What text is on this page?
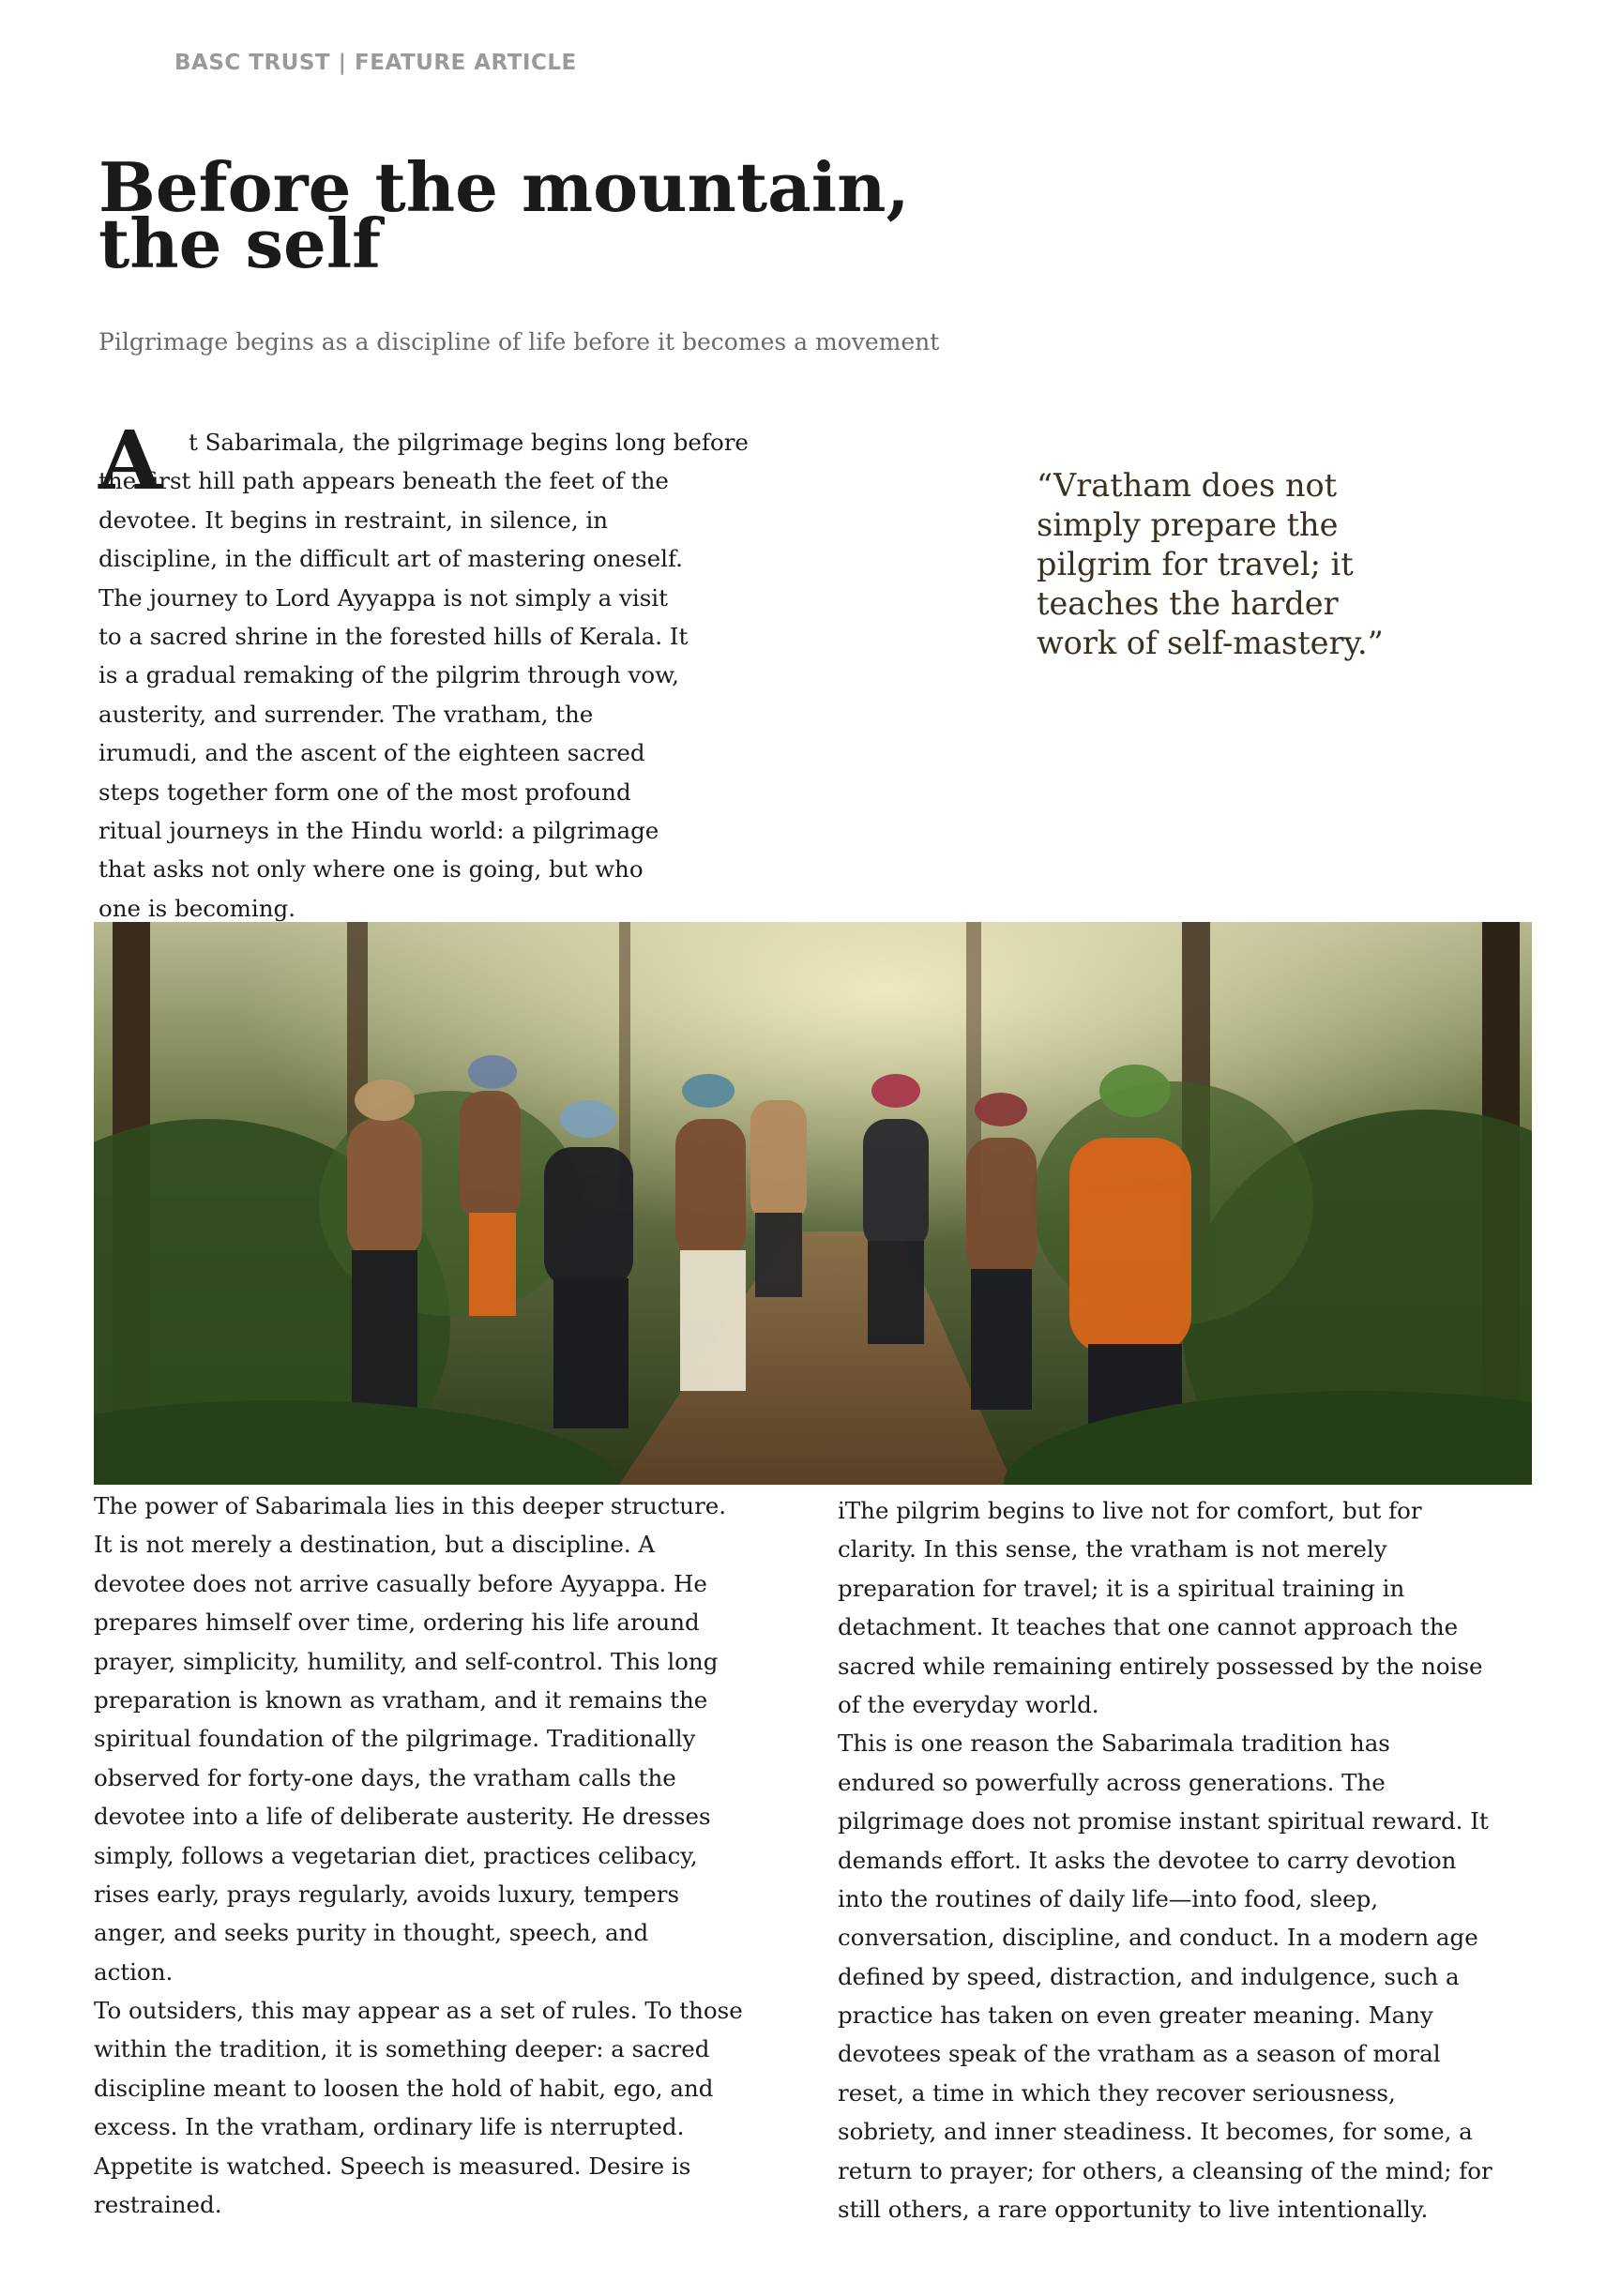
BASC TRUST | FEATURE ARTICLE
Before the mountain,
the self
Pilgrimage begins as a discipline of life before it becomes a movement
A	t Sabarimala, the pilgrimage begins long before
the first hill path appears beneath the feet of the
devotee. It begins in restraint, in silence, in
discipline, in the difficult art of mastering oneself.
The journey to Lord Ayyappa is not simply a visit
to a sacred shrine in the forested hills of Kerala. It
is a gradual remaking of the pilgrim through vow,
austerity, and surrender. The vratham, the
irumudi, and the ascent of the eighteen sacred
steps together form one of the most profound
ritual journeys in the Hindu world: a pilgrimage
that asks not only where one is going, but who
one is becoming.
“Vratham does not
simply prepare the
pilgrim for travel; it
teaches the harder
work of self-mastery.”
The power of Sabarimala lies in this deeper structure.
It is not merely a destination, but a discipline. A
devotee does not arrive casually before Ayyappa. He
prepares himself over time, ordering his life around
prayer, simplicity, humility, and self-control. This long
preparation is known as vratham, and it remains the
spiritual foundation of the pilgrimage. Traditionally
observed for forty-one days, the vratham calls the
devotee into a life of deliberate austerity. He dresses
simply, follows a vegetarian diet, practices celibacy,
rises early, prays regularly, avoids luxury, tempers
anger, and seeks purity in thought, speech, and
action.
To outsiders, this may appear as a set of rules. To those
within the tradition, it is something deeper: a sacred
discipline meant to loosen the hold of habit, ego, and
excess. In the vratham, ordinary life is nterrupted.
Appetite is watched. Speech is measured. Desire is
restrained.
iThe pilgrim begins to live not for comfort, but for
clarity. In this sense, the vratham is not merely
preparation for travel; it is a spiritual training in
detachment. It teaches that one cannot approach the
sacred while remaining entirely possessed by the noise
of the everyday world.
This is one reason the Sabarimala tradition has
endured so powerfully across generations. The
pilgrimage does not promise instant spiritual reward. It
demands effort. It asks the devotee to carry devotion
into the routines of daily life—into food, sleep,
conversation, discipline, and conduct. In a modern age
defined by speed, distraction, and indulgence, such a
practice has taken on even greater meaning. Many
devotees speak of the vratham as a season of moral
reset, a time in which they recover seriousness,
sobriety, and inner steadiness. It becomes, for some, a
return to prayer; for others, a cleansing of the mind; for
still others, a rare opportunity to live intentionally.
